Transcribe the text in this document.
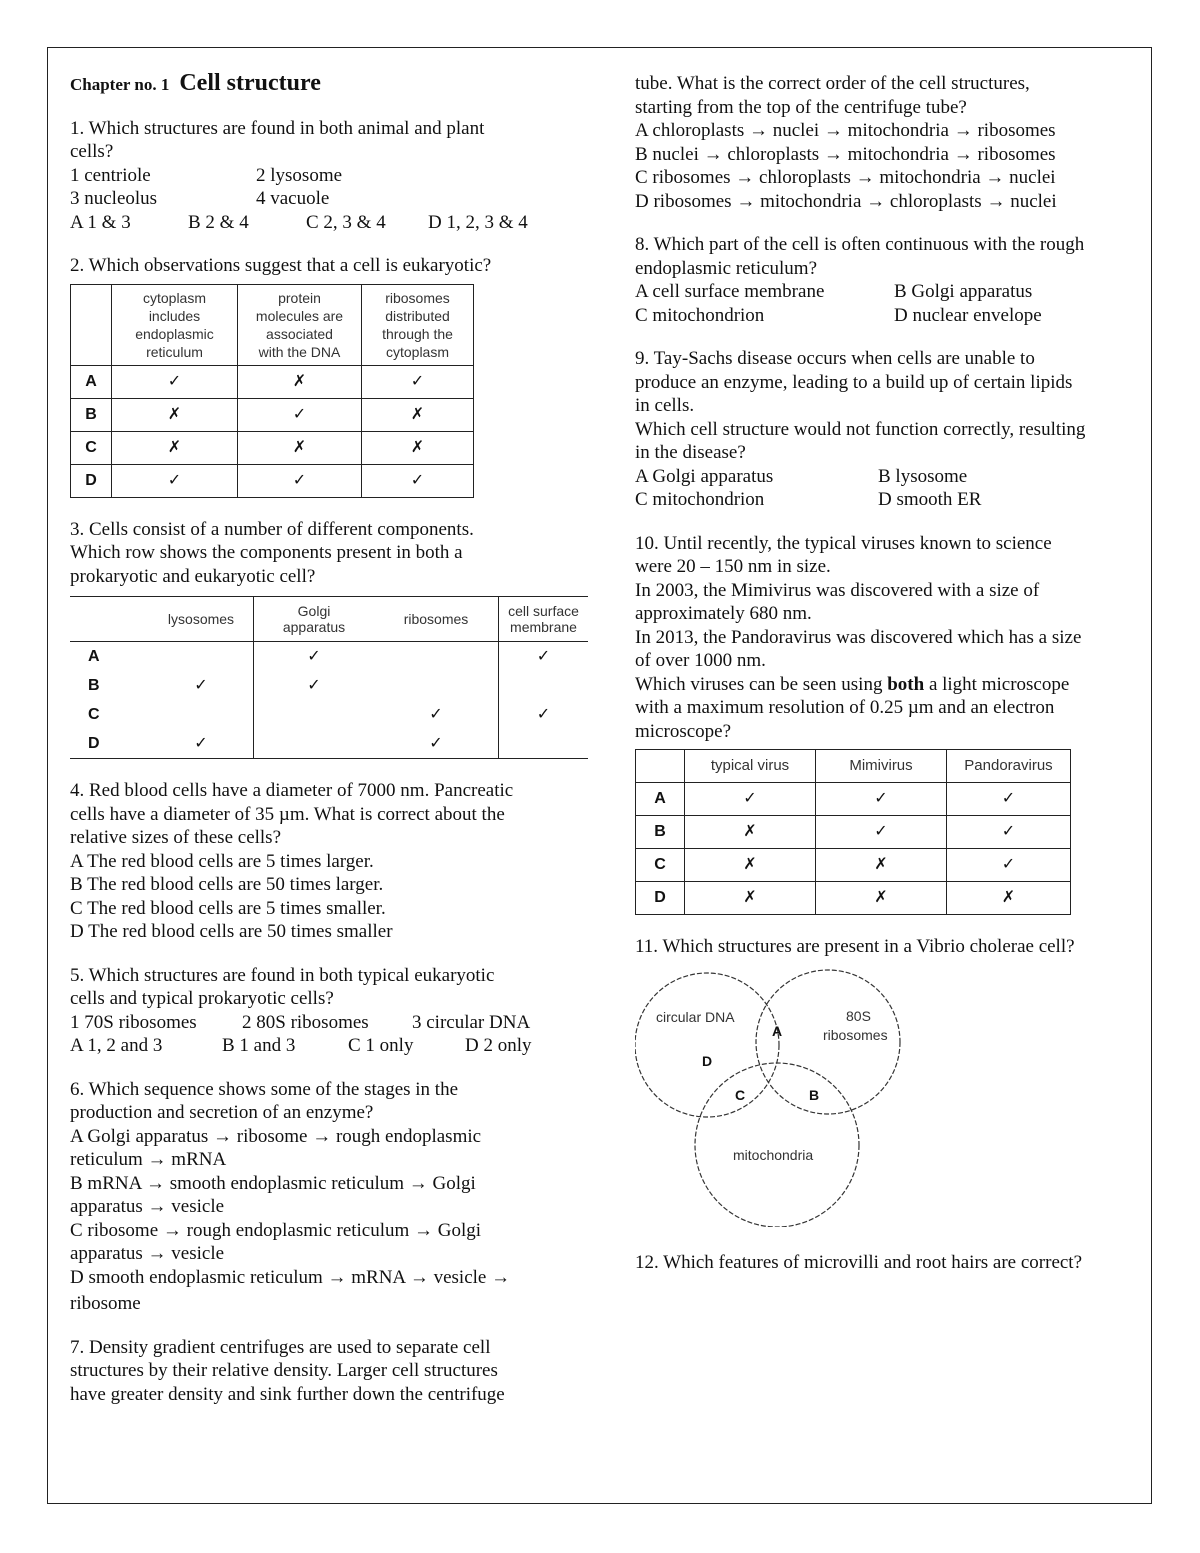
Chapter no. 1 Cell structure
1. Which structures are found in both animal and plant
cells?
1 centriole	2 lysosome
3 nucleolus	4 vacuole
A 1 & 3	B 2 & 4	C 2, 3 & 4 D 1, 2, 3 & 4
2. Which observations suggest that a cell is eukaryotic?
	cytoplasm
includes
endoplasmic
reticulum	protein
molecules are
associated
with the DNA	ribosomes
distributed
through the
cytoplasm
A	✓	✗	✓
B	✗	✓	✗
C	✗	✗	✗
D	✓	✓	✓
3. Cells consist of a number of different components.
Which row shows the components present in both a
prokaryotic and eukaryotic cell?
	lysosomes	Golgi
apparatus	ribosomes	cell surface
membrane
A		✓		✓
B	✓	✓		
C			✓	✓
D	✓		✓	
4. Red blood cells have a diameter of 7000 nm. Pancreatic
cells have a diameter of 35 µm. What is correct about the
relative sizes of these cells?
A The red blood cells are 5 times larger.
B The red blood cells are 50 times larger.
C The red blood cells are 5 times smaller.
D The red blood cells are 50 times smaller
5. Which structures are found in both typical eukaryotic
cells and typical prokaryotic cells?
1 70S ribosomes 2 80S ribosomes 3 circular DNA
A 1, 2 and 3	B 1 and 3	C 1 only	D 2 only
6. Which sequence shows some of the stages in the
production and secretion of an enzyme?
A Golgi apparatus → ribosome → rough endoplasmic
reticulum → mRNA
B mRNA → smooth endoplasmic reticulum → Golgi
apparatus → vesicle
C ribosome → rough endoplasmic reticulum → Golgi
apparatus → vesicle
D smooth endoplasmic reticulum → mRNA → vesicle →
ribosome
7. Density gradient centrifuges are used to separate cell
structures by their relative density. Larger cell structures
have greater density and sink further down the centrifuge
tube. What is the correct order of the cell structures,
starting from the top of the centrifuge tube?
A chloroplasts → nuclei → mitochondria → ribosomes
B nuclei → chloroplasts → mitochondria → ribosomes
C ribosomes → chloroplasts → mitochondria → nuclei
D ribosomes → mitochondria → chloroplasts → nuclei
8. Which part of the cell is often continuous with the rough
endoplasmic reticulum?
A cell surface membrane	B Golgi apparatus
C mitochondrion	D nuclear envelope
9. Tay-Sachs disease occurs when cells are unable to
produce an enzyme, leading to a build up of certain lipids
in cells.
Which cell structure would not function correctly, resulting
in the disease?
A Golgi apparatus	B lysosome
C mitochondrion	D smooth ER
10. Until recently, the typical viruses known to science
were 20 – 150 nm in size.
In 2003, the Mimivirus was discovered with a size of
approximately 680 nm.
In 2013, the Pandoravirus was discovered which has a size
of over 1000 nm.
Which viruses can be seen using both a light microscope
with a maximum resolution of 0.25 µm and an electron
microscope?
	typical virus	Mimivirus	Pandoravirus
A	✓	✓	✓
B	✗	✓	✓
C	✗	✗	✓
D	✗	✗	✗
11. Which structures are present in a Vibrio cholerae cell?
circular DNA	80S
ribosomes
mitochondria
A
B
C
D
12. Which features of microvilli and root hairs are correct?
